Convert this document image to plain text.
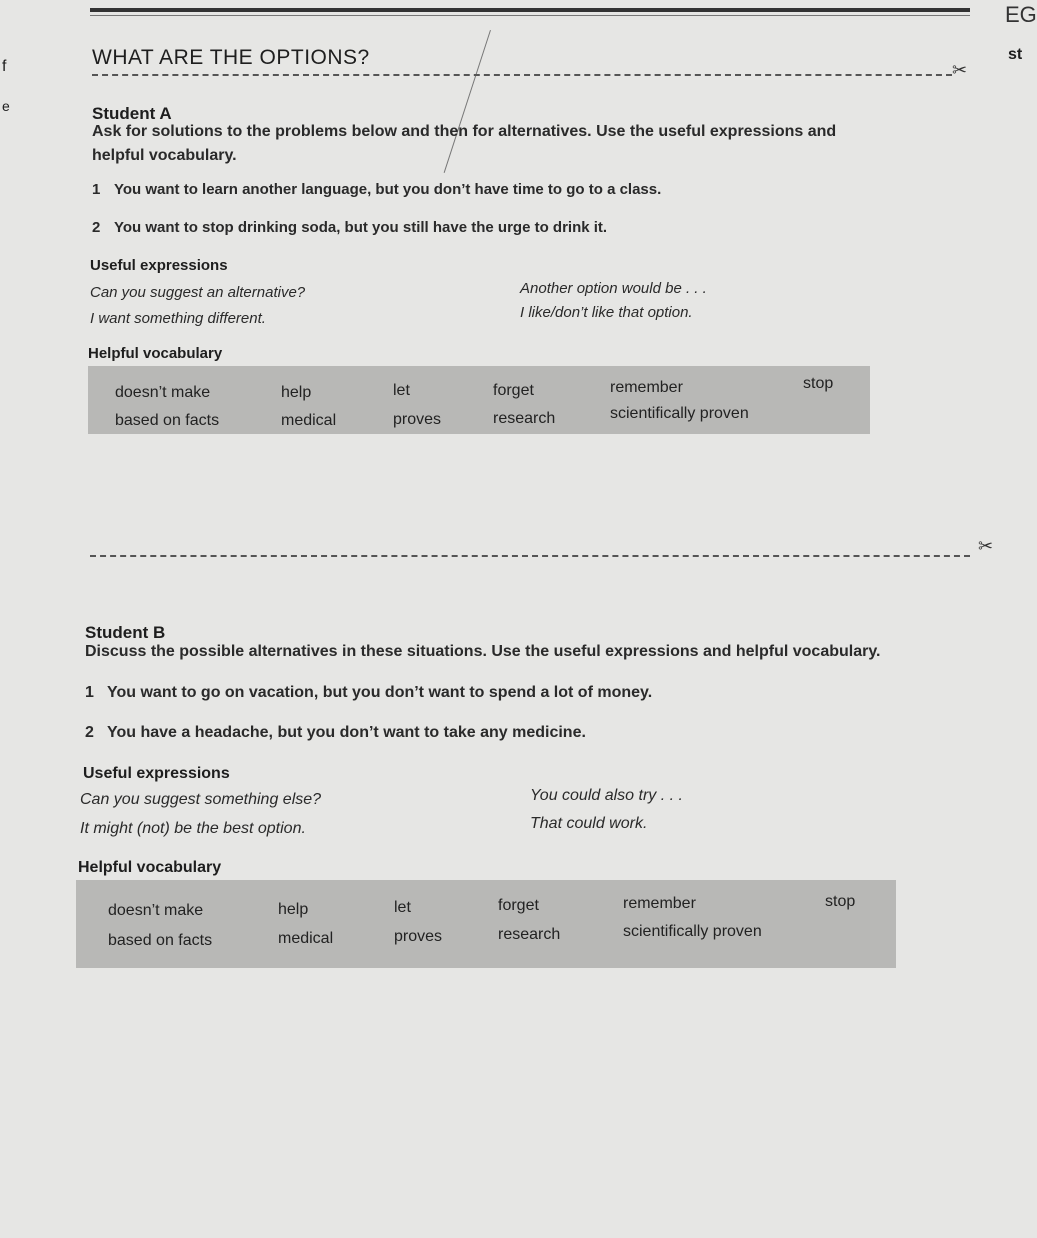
EG
st
f
e
WHAT ARE THE OPTIONS?
✂
Student A
Ask for solutions to the problems below and then for alternatives. Use the useful expressions and helpful vocabulary.
1 You want to learn another language, but you don’t have time to go to a class.
2 You want to stop drinking soda, but you still have the urge to drink it.
Useful expressions
Can you suggest an alternative?	Another option would be . . .
I want something different.	I like/don’t like that option.
Helpful vocabulary
doesn’t make	help	let	forget	remember	stop
based on facts	medical	proves	research	scientifically proven
✂
Student B
Discuss the possible alternatives in these situations. Use the useful expressions and helpful vocabulary.
1 You want to go on vacation, but you don’t want to spend a lot of money.
2 You have a headache, but you don’t want to take any medicine.
Useful expressions
Can you suggest something else?	You could also try . . .
It might (not) be the best option.	That could work.
Helpful vocabulary
doesn’t make	help	let	forget	remember	stop
based on facts	medical	proves	research	scientifically proven
